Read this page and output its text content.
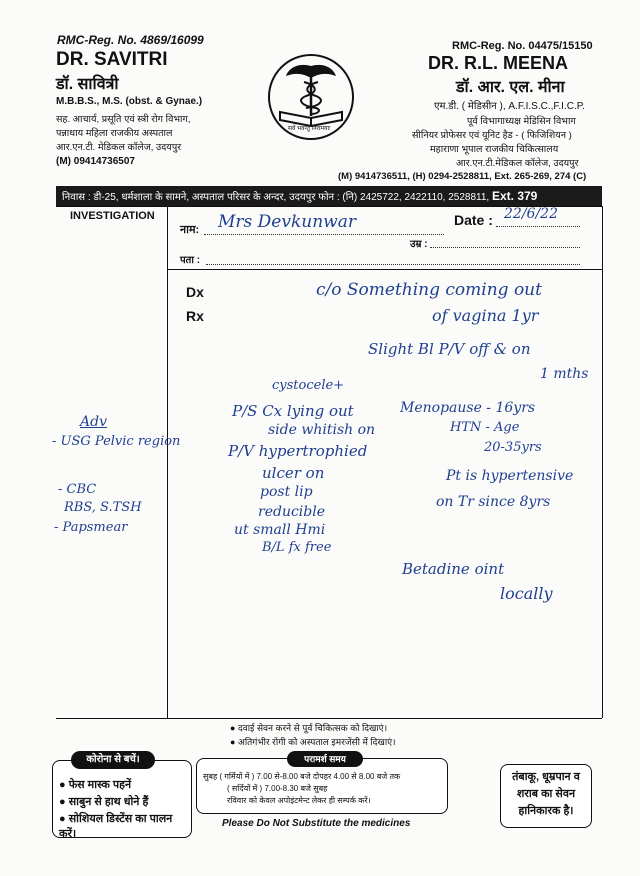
RMC-Reg. No. 4869/16099
DR. SAVITRI
डॉ. सावित्री
M.B.B.S., M.S. (obst. & Gynae.)
सह. आचार्य, प्रसूति एवं स्त्री रोग विभाग,
पन्नाधाय महिला राजकीय अस्पताल
आर.एन.टी. मेडिकल कॉलेज, उदयपुर
(M) 09414736507
सर्वे भवन्तु निरामयाः
RMC-Reg. No. 04475/15150
DR. R.L. MEENA
डॉ. आर. एल. मीना
एम.डी. ( मेडिसीन ), A.F.I.S.C.,F.I.C.P.
पूर्व विभागाध्यक्ष मेडिसिन विभाग
सीनियर प्रोफेसर एवं यूनिट हैड - ( फिजिशियन )
महाराणा भूपाल राजकीय चिकित्सालय
आर.एन.टी.मेडिकल कॉलेज, उदयपुर
(M) 9414736511, (H) 0294-2528811, Ext. 265-269, 274 (C)
निवास : डी-25, धर्मशाला के सामने, अस्पताल परिसर के अन्दर, उदयपुर फोन : (नि) 2425722, 2422110, 2528811, Ext. 379
INVESTIGATION
नाम: Mrs Devkunwar	Date : 22/6/22
उम्र :
पता :
Dx
Rx
c/o Something coming out
of vagina 1yr
Slight Bl P/V off & on
1 mths
cystocele+
P/S Cx lying out
side whitish on
Menopause - 16yrs
HTN - Age
20-35yrs
P/V hypertrophied
ulcer on
post lip
reducible
ut small Hmi
B/L fx free
Pt is hypertensive
on Tr since 8yrs
Betadine oint
locally
Adv
- USG Pelvic region
- CBC
RBS, S.TSH
- Papsmear
● दवाई सेवन करने से पूर्व चिकित्सक को दिखाएं।
● अतिगंभीर रोगी को अस्पताल इमरजेंसी में दिखाएं।
कोरोना से बचें।
● फेस मास्क पहनें
● साबुन से हाथ धोने हैं
● सोशियल डिस्टेंस का पालन करें।
परामर्श समय
सुबह ( गर्मियों में ) 7.00 से-8.00 बजे दोपहर 4.00 से 8.00 बजे तक
( सर्दियों में ) 7.00-8.30 बजे सुबह
रविवार को केवल अपोइंटमेन्ट लेकर ही सम्पर्क करें।
तंबाकू, धूम्रपान व शराब का सेवन हानिकारक है।
Please Do Not Substitute the medicines
